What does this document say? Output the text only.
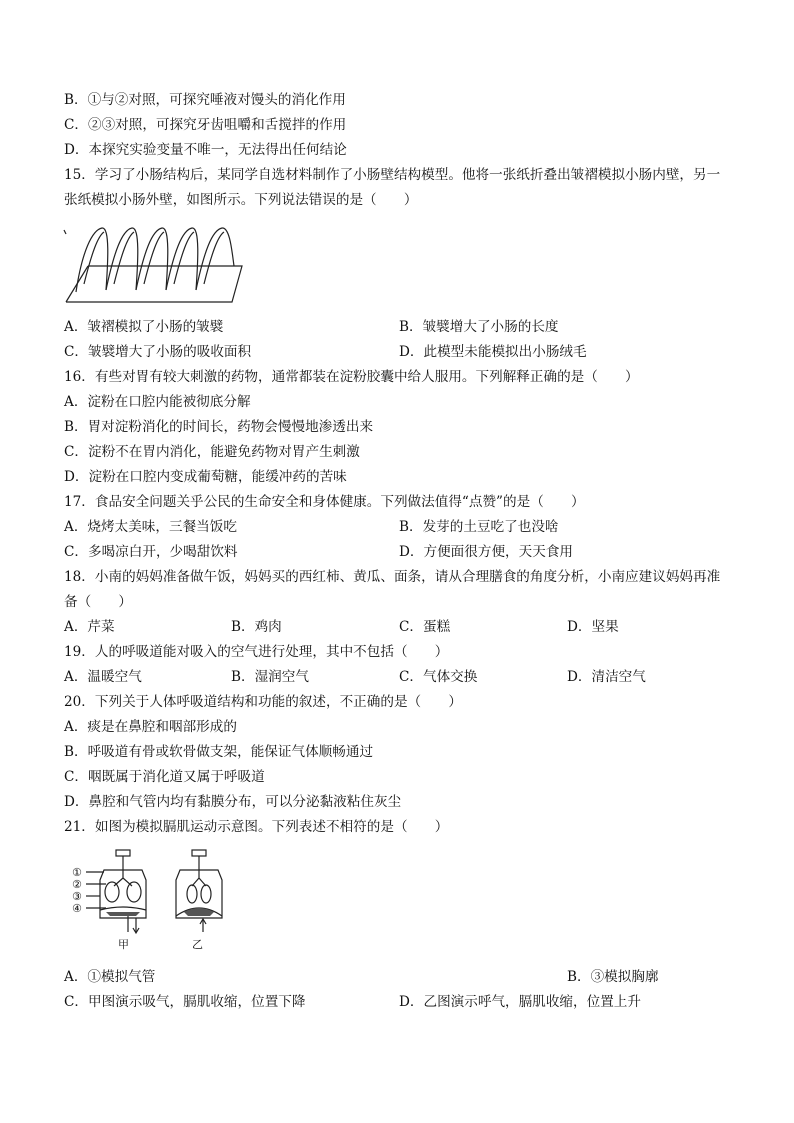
B．①与②对照，可探究唾液对馒头的消化作用
C．②③对照，可探究牙齿咀嚼和舌搅拌的作用
D．本探究实验变量不唯一，无法得出任何结论
15．学习了小肠结构后，某同学自选材料制作了小肠壁结构模型。他将一张纸折叠出皱褶模拟小肠内壁，另一
张纸模拟小肠外壁，如图所示。下列说法错误的是（　　）
A．皱褶模拟了小肠的皱襞	B．皱襞增大了小肠的长度
C．皱襞增大了小肠的吸收面积	D．此模型未能模拟出小肠绒毛
16．有些对胃有较大刺激的药物，通常都装在淀粉胶囊中给人服用。下列解释正确的是（　　）
A．淀粉在口腔内能被彻底分解
B．胃对淀粉消化的时间长，药物会慢慢地渗透出来
C．淀粉不在胃内消化，能避免药物对胃产生刺激
D．淀粉在口腔内变成葡萄糖，能缓冲药的苦味
17．食品安全问题关乎公民的生命安全和身体健康。下列做法值得“点赞”的是（　　）
A．烧烤太美味，三餐当饭吃	B．发芽的土豆吃了也没啥
C．多喝凉白开，少喝甜饮料	D．方便面很方便，天天食用
18．小南的妈妈准备做午饭，妈妈买的西红柿、黄瓜、面条，请从合理膳食的角度分析，小南应建议妈妈再准
备（　　）
A．芹菜	B．鸡肉	C．蛋糕	D．坚果
19．人的呼吸道能对吸入的空气进行处理，其中不包括（　　）
A．温暖空气	B．湿润空气	C．气体交换	D．清洁空气
20．下列关于人体呼吸道结构和功能的叙述，不正确的是（　　）
A．痰是在鼻腔和咽部形成的
B．呼吸道有骨或软骨做支架，能保证气体顺畅通过
C．咽既属于消化道又属于呼吸道
D．鼻腔和气管内均有黏膜分布，可以分泌黏液粘住灰尘
21．如图为模拟膈肌运动示意图。下列表述不相符的是（　　）
①
②
③
④
甲	乙
A．①模拟气管	B．③模拟胸廓
C．甲图演示吸气，膈肌收缩，位置下降	D．乙图演示呼气，膈肌收缩，位置上升
